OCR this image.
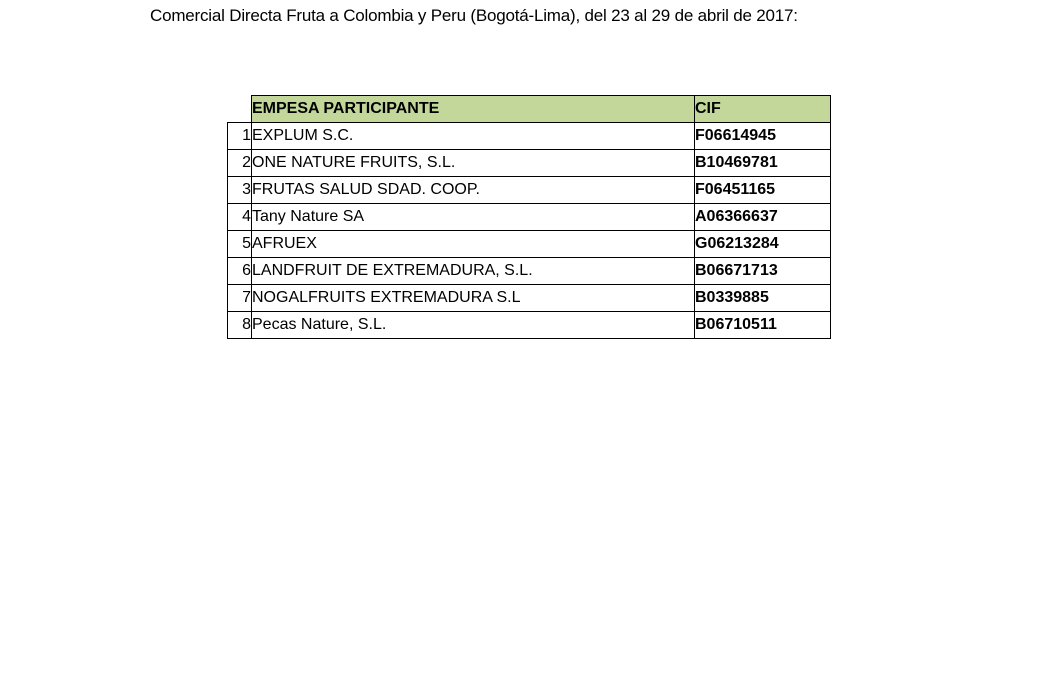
Comercial Directa Fruta a Colombia y Peru (Bogotá-Lima), del 23 al 29 de abril de 2017:
	EMPESA PARTICIPANTE	CIF
1	EXPLUM S.C.	F06614945
2	ONE NATURE FRUITS, S.L.	B10469781
3	FRUTAS SALUD SDAD. COOP.	F06451165
4	Tany Nature SA	A06366637
5	AFRUEX	G06213284
6	LANDFRUIT DE EXTREMADURA, S.L.	B06671713
7	NOGALFRUITS EXTREMADURA S.L	B0339885
8	Pecas Nature, S.L.	B06710511
